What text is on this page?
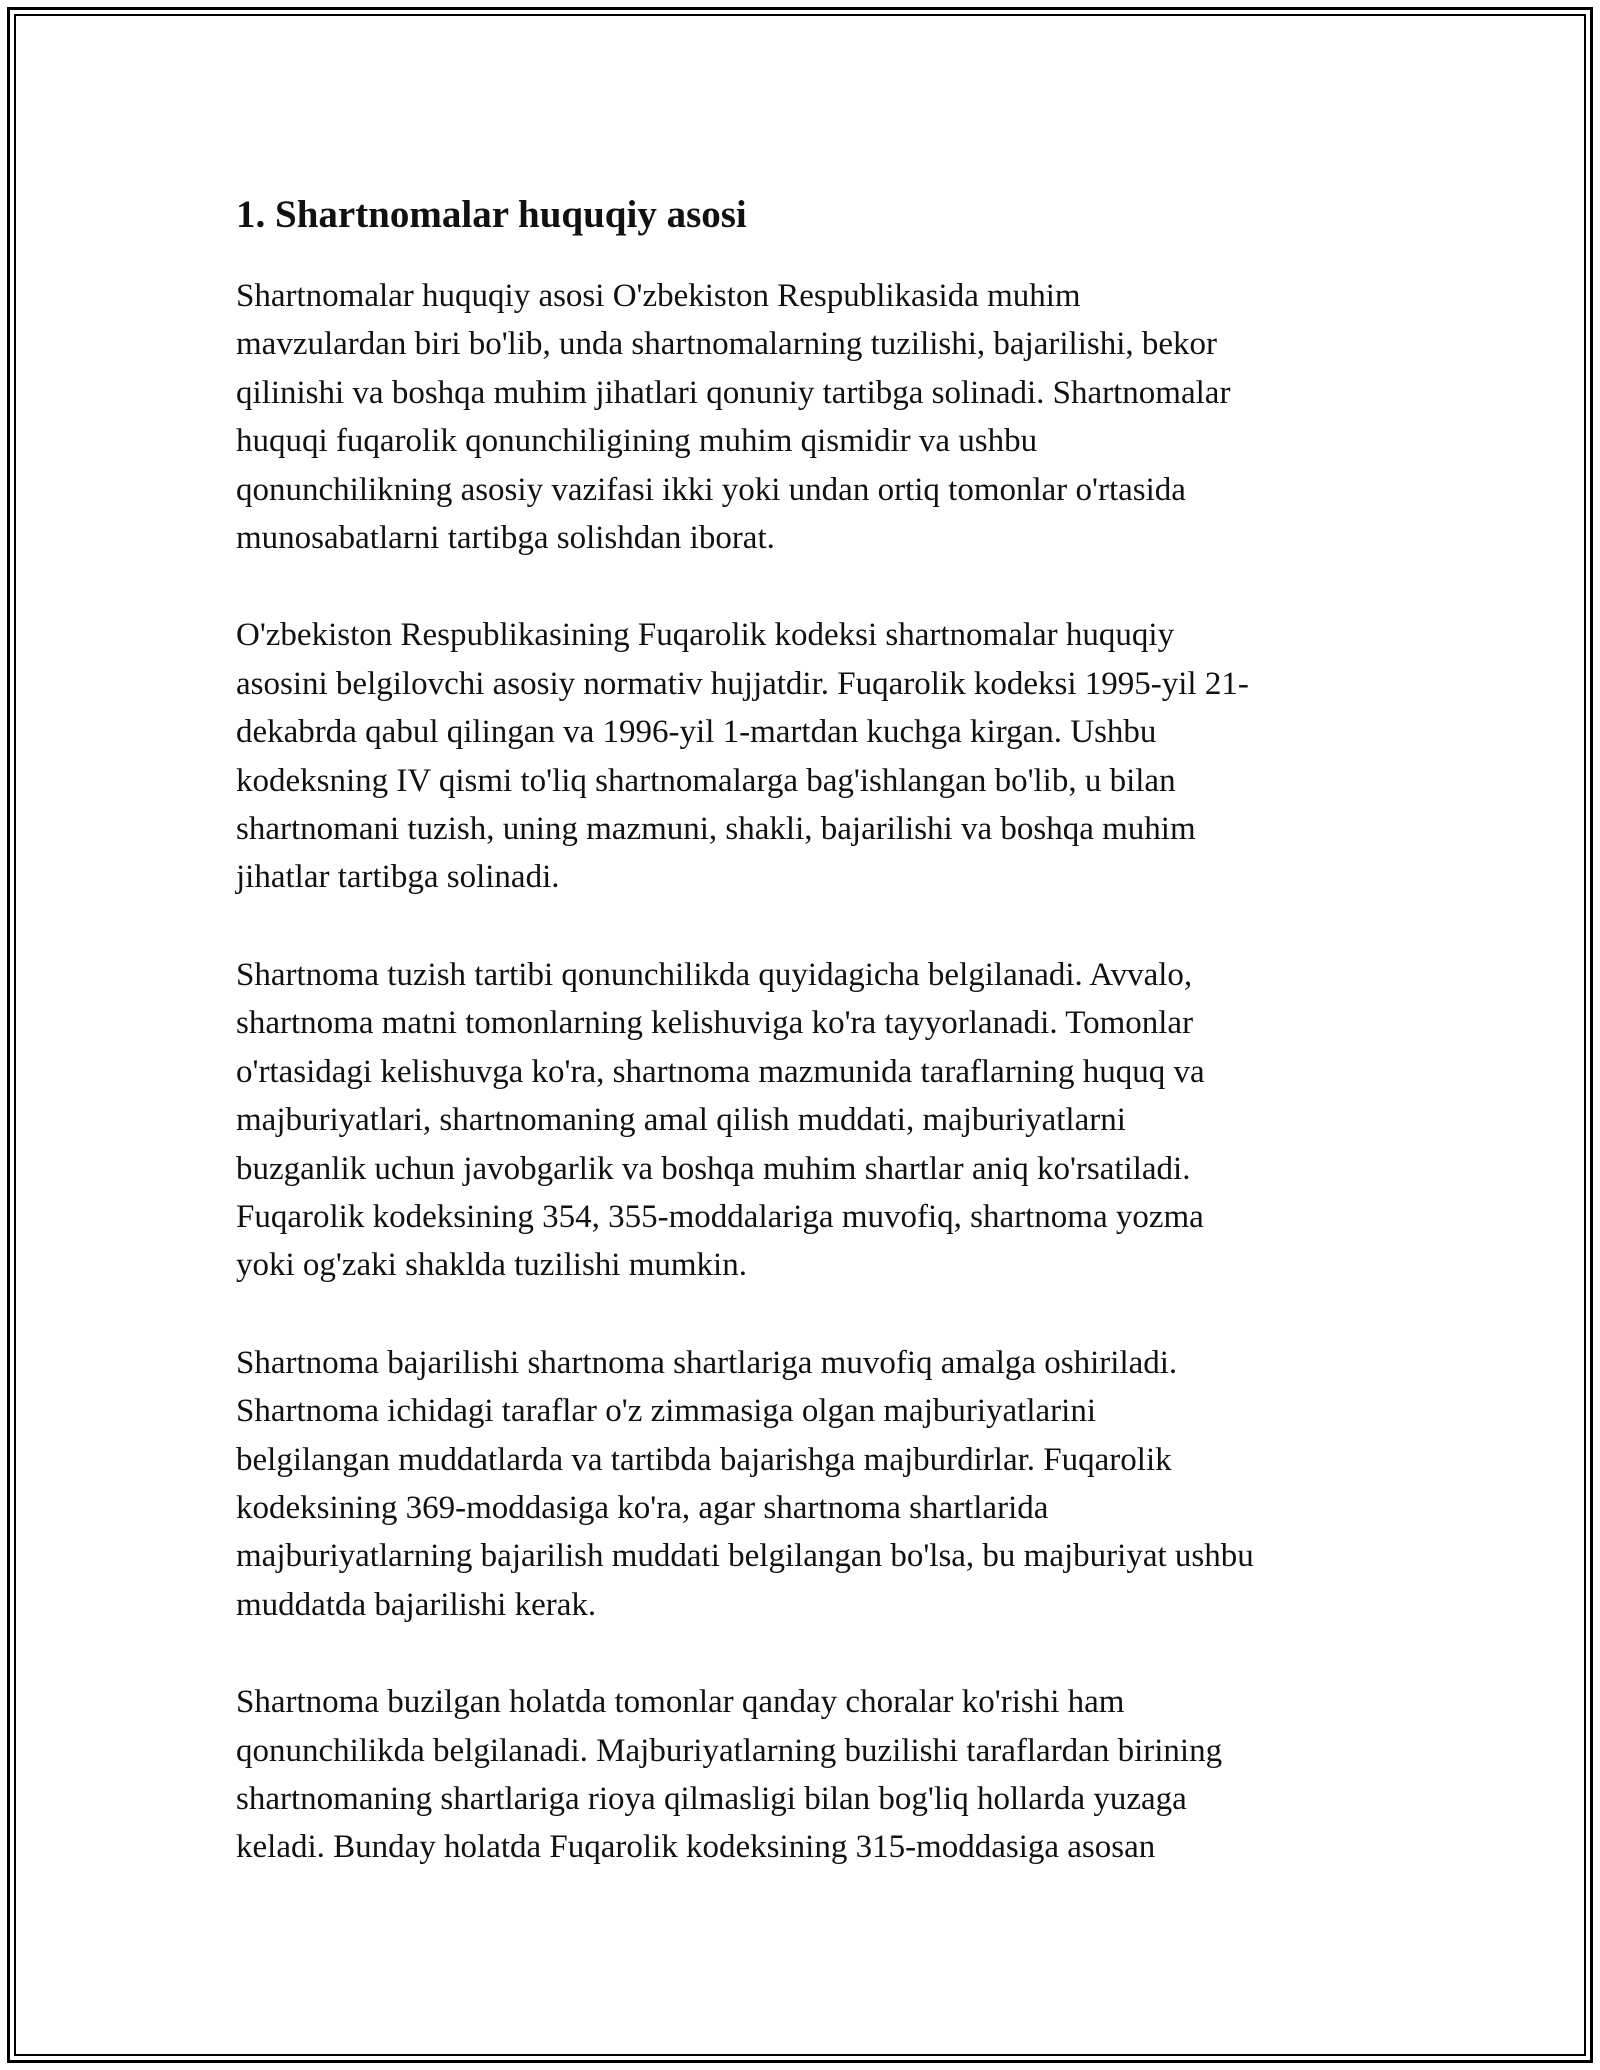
1. Shartnomalar huquqiy asosi

Shartnomalar huquqiy asosi O'zbekiston Respublikasida muhim
mavzulardan biri bo'lib, unda shartnomalarning tuzilishi, bajarilishi, bekor
qilinishi va boshqa muhim jihatlari qonuniy tartibga solinadi. Shartnomalar
huquqi fuqarolik qonunchiligining muhim qismidir va ushbu
qonunchilikning asosiy vazifasi ikki yoki undan ortiq tomonlar o'rtasida
munosabatlarni tartibga solishdan iborat.

O'zbekiston Respublikasining Fuqarolik kodeksi shartnomalar huquqiy
asosini belgilovchi asosiy normativ hujjatdir. Fuqarolik kodeksi 1995-yil 21-
dekabrda qabul qilingan va 1996-yil 1-martdan kuchga kirgan. Ushbu
kodeksning IV qismi to'liq shartnomalarga bag'ishlangan bo'lib, u bilan
shartnomani tuzish, uning mazmuni, shakli, bajarilishi va boshqa muhim
jihatlar tartibga solinadi.

Shartnoma tuzish tartibi qonunchilikda quyidagicha belgilanadi. Avvalo,
shartnoma matni tomonlarning kelishuviga ko'ra tayyorlanadi. Tomonlar
o'rtasidagi kelishuvga ko'ra, shartnoma mazmunida taraflarning huquq va
majburiyatlari, shartnomaning amal qilish muddati, majburiyatlarni
buzganlik uchun javobgarlik va boshqa muhim shartlar aniq ko'rsatiladi.
Fuqarolik kodeksining 354, 355-moddalariga muvofiq, shartnoma yozma
yoki og'zaki shaklda tuzilishi mumkin.

Shartnoma bajarilishi shartnoma shartlariga muvofiq amalga oshiriladi.
Shartnoma ichidagi taraflar o'z zimmasiga olgan majburiyatlarini
belgilangan muddatlarda va tartibda bajarishga majburdirlar. Fuqarolik
kodeksining 369-moddasiga ko'ra, agar shartnoma shartlarida
majburiyatlarning bajarilish muddati belgilangan bo'lsa, bu majburiyat ushbu
muddatda bajarilishi kerak.

Shartnoma buzilgan holatda tomonlar qanday choralar ko'rishi ham
qonunchilikda belgilanadi. Majburiyatlarning buzilishi taraflardan birining
shartnomaning shartlariga rioya qilmasligi bilan bog'liq hollarda yuzaga
keladi. Bunday holatda Fuqarolik kodeksining 315-moddasiga asosan
